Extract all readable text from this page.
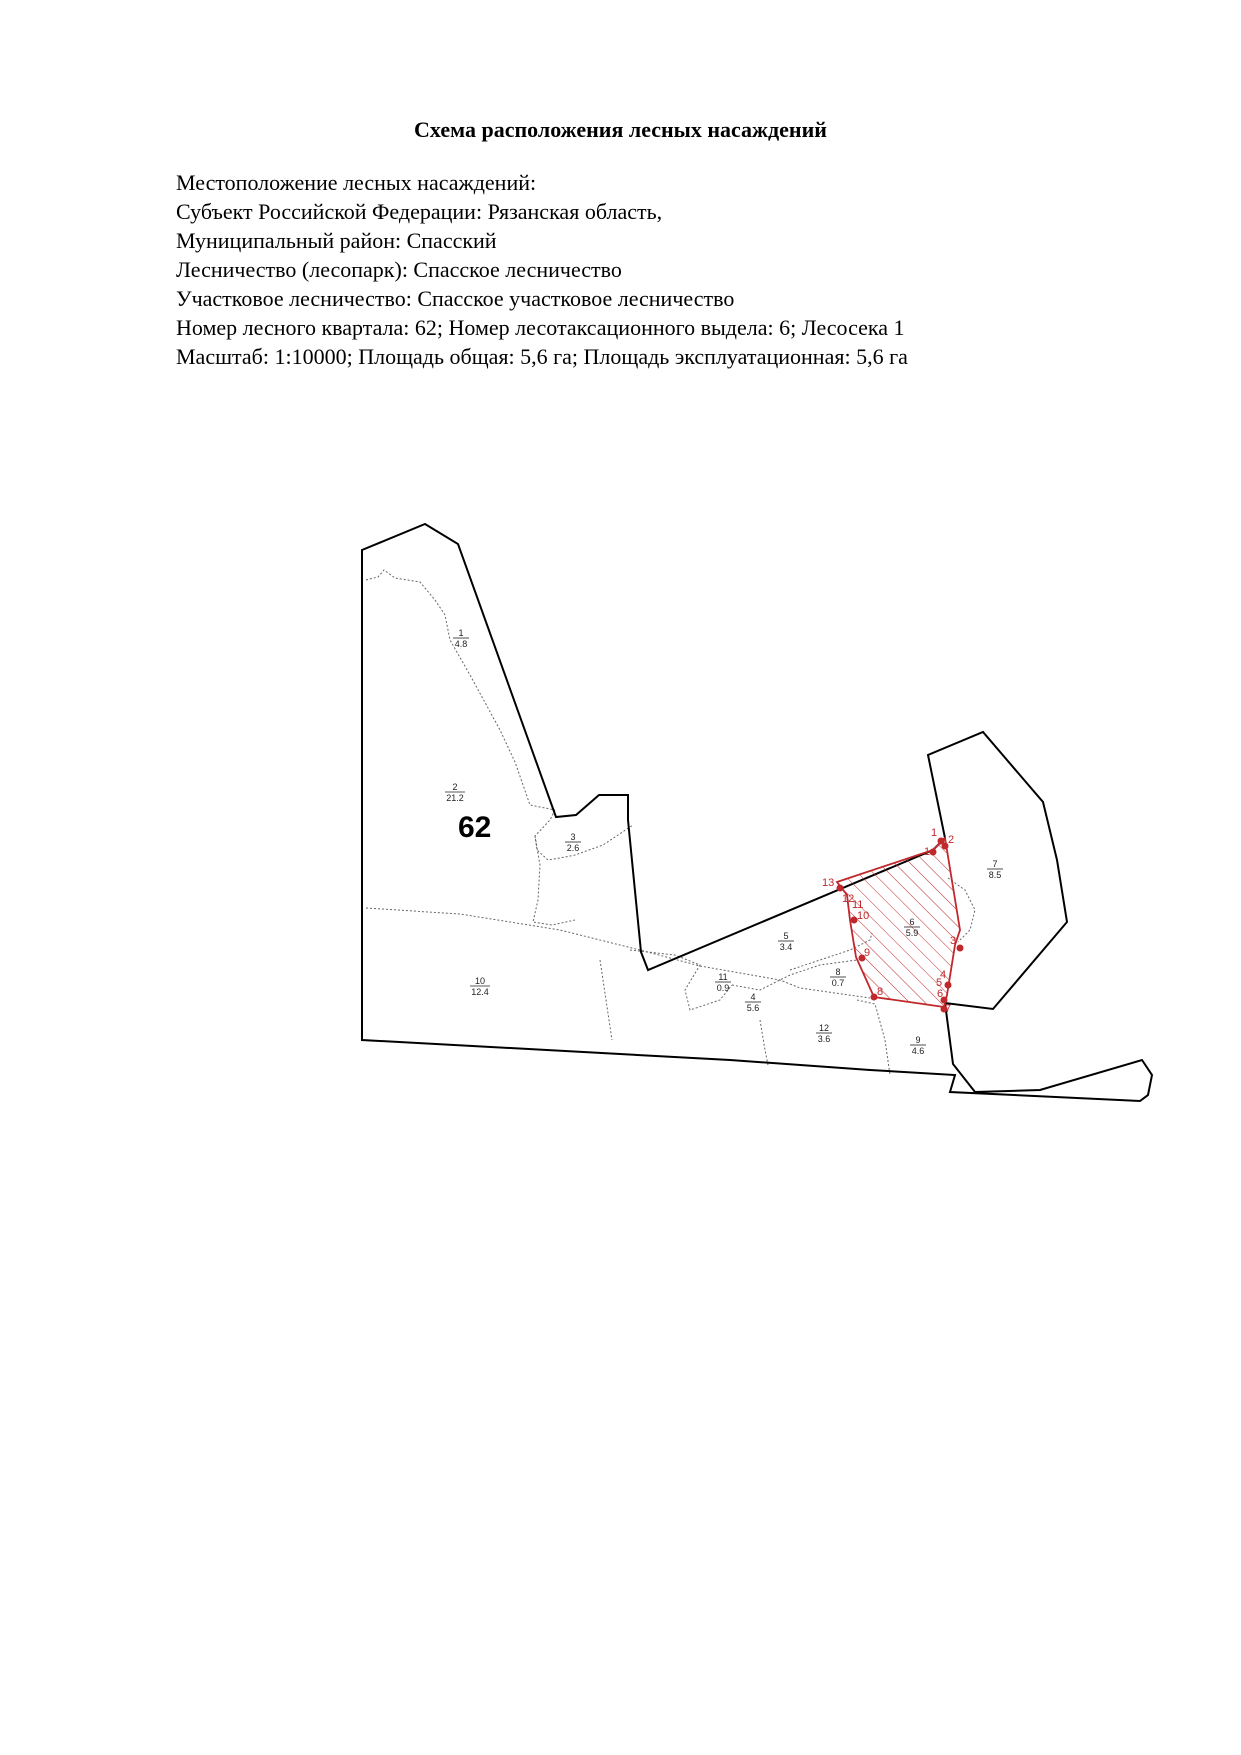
Схема расположения лесных насаждений
Местоположение лесных насаждений:
Субъект Российской Федерации: Рязанская область,
Муниципальный район: Спасский
Лесничество (лесопарк): Спасское лесничество
Участковое лесничество: Спасское участковое лесничество
Номер лесного квартала: 62; Номер лесотаксационного выдела: 6; Лесосека 1
Масштаб: 1:10000; Площадь общая: 5,6 га; Площадь эксплуатационная: 5,6 га
1
2
3
4
5
6
7
8
9
10
11
12
13
14
62
1
4.8
2
21.2
3
2.6
4
5.6
5
3.4
6
5.9
7
8.5
8
0.7
9
4.6
10
12.4
11
0.9
12
3.6
